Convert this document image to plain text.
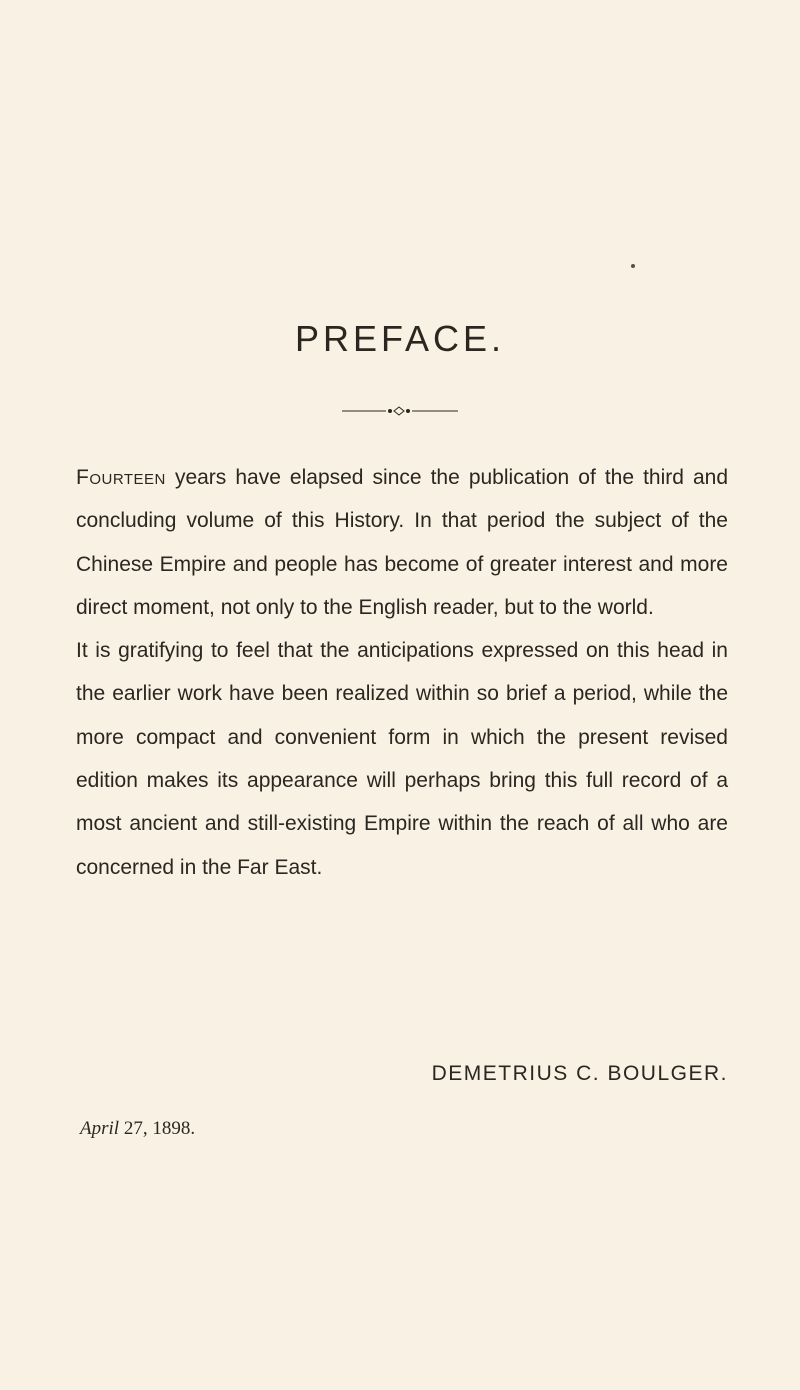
PREFACE.

Fourteen years have elapsed since the publication of the third and concluding volume of this History. In that period the subject of the Chinese Empire and people has become of greater interest and more direct moment, not only to the English reader, but to the world.

It is gratifying to feel that the anticipations expressed on this head in the earlier work have been realized within so brief a period, while the more compact and convenient form in which the present revised edition makes its appearance will perhaps bring this full record of a most ancient and still-existing Empire within the reach of all who are concerned in the Far East.

DEMETRIUS C. BOULGER.

April 27, 1898.
